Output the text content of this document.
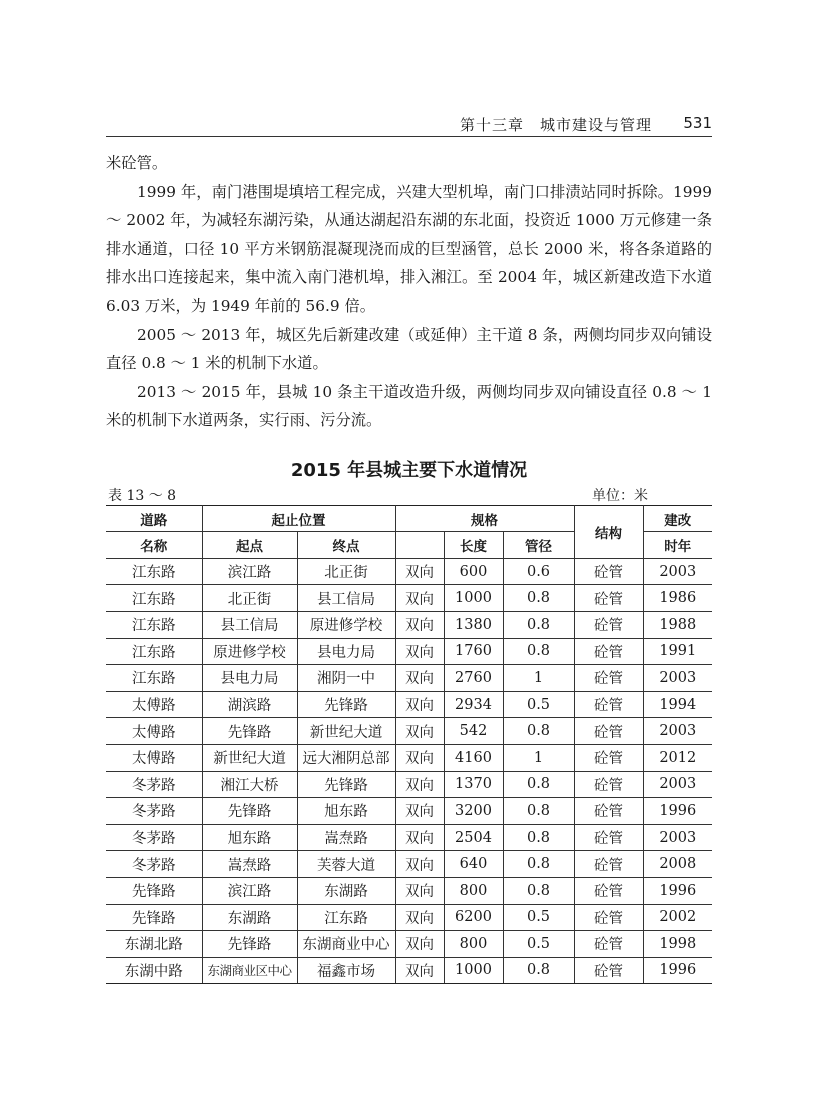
第十三章　城市建设与管理 531

米砼管。

1999 年，南门港围堤填培工程完成，兴建大型机埠，南门口排渍站同时拆除。1999 ～ 2002 年，为减轻东湖污染，从通达湖起沿东湖的东北面，投资近 1000 万元修建一条排水通道，口径 10 平方米钢筋混凝现浇而成的巨型涵管，总长 2000 米，将各条道路的排水出口连接起来，集中流入南门港机埠，排入湘江。至 2004 年，城区新建改造下水道 6.03 万米，为 1949 年前的 56.9 倍。

2005 ～ 2013 年，城区先后新建改建（或延伸）主干道 8 条，两侧均同步双向铺设直径 0.8 ～ 1 米的机制下水道。

2013 ～ 2015 年，县城 10 条主干道改造升级，两侧均同步双向铺设直径 0.8 ～ 1 米的机制下水道两条，实行雨、污分流。

2015 年县城主要下水道情况
表 13 ～ 8	单位：米
道路	起止位置		规格			结构	建改
名称	起点	终点		长度	管径		时年
江东路	滨江路	北正街	双向	600	0.6	砼管	2003
江东路	北正街	县工信局	双向	1000	0.8	砼管	1986
江东路	县工信局	原进修学校	双向	1380	0.8	砼管	1988
江东路	原进修学校	县电力局	双向	1760	0.8	砼管	1991
江东路	县电力局	湘阴一中	双向	2760	1	砼管	2003
太傅路	湖滨路	先锋路	双向	2934	0.5	砼管	1994
太傅路	先锋路	新世纪大道	双向	542	0.8	砼管	2003
太傅路	新世纪大道	远大湘阴总部	双向	4160	1	砼管	2012
冬茅路	湘江大桥	先锋路	双向	1370	0.8	砼管	2003
冬茅路	先锋路	旭东路	双向	3200	0.8	砼管	1996
冬茅路	旭东路	嵩焘路	双向	2504	0.8	砼管	2003
冬茅路	嵩焘路	芙蓉大道	双向	640	0.8	砼管	2008
先锋路	滨江路	东湖路	双向	800	0.8	砼管	1996
先锋路	东湖路	江东路	双向	6200	0.5	砼管	2002
东湖北路	先锋路	东湖商业中心	双向	800	0.5	砼管	1998
东湖中路	东湖商业区中心	福鑫市场	双向	1000	0.8	砼管	1996
